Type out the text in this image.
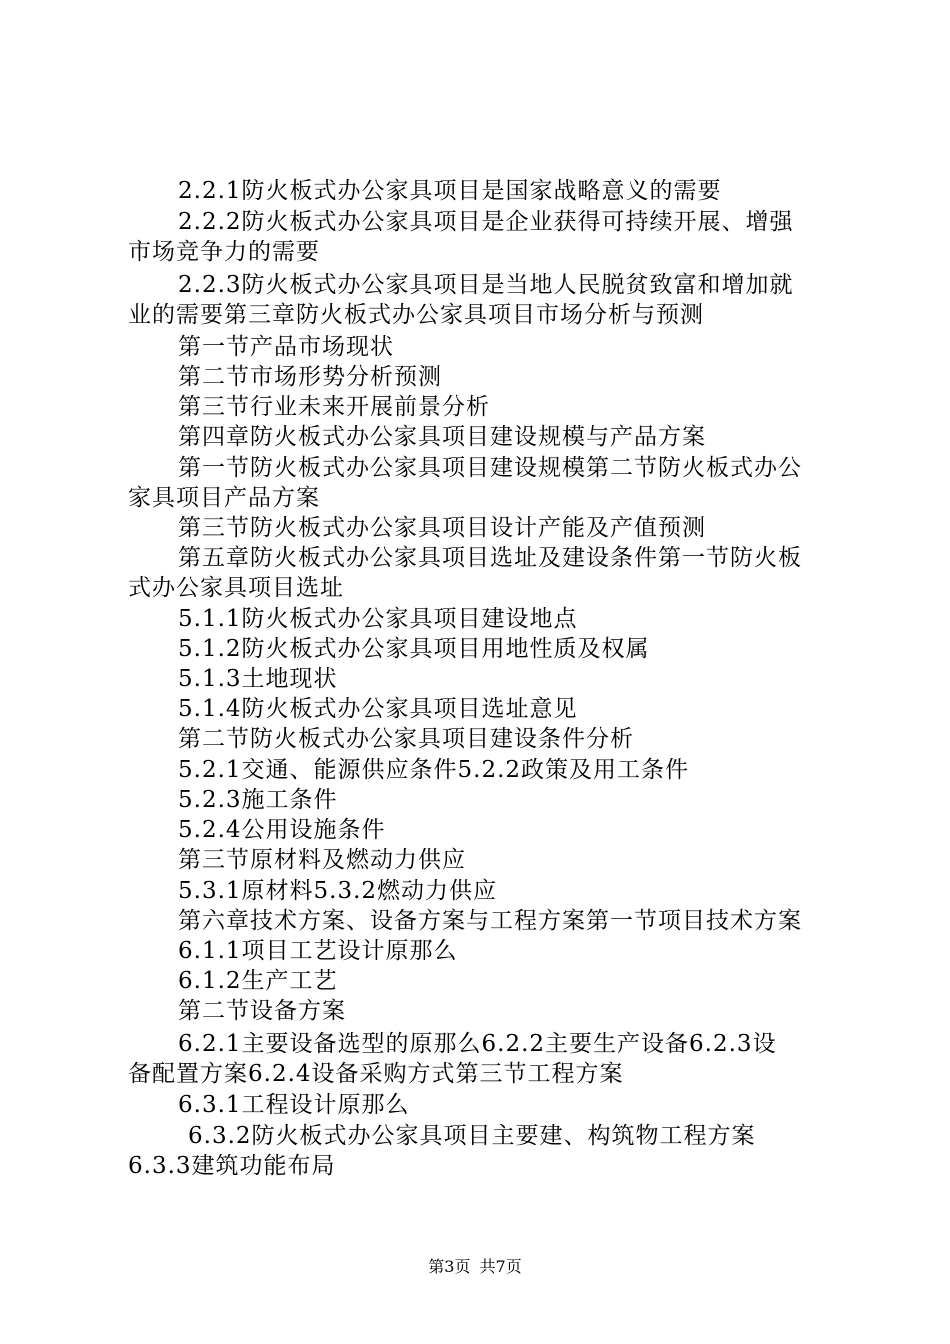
2.2.1防火板式办公家具项目是国家战略意义的需要
2.2.2防火板式办公家具项目是企业获得可持续开展、增强
市场竞争力的需要
2.2.3防火板式办公家具项目是当地人民脱贫致富和增加就
业的需要第三章防火板式办公家具项目市场分析与预测
第一节产品市场现状
第二节市场形势分析预测
第三节行业未来开展前景分析
第四章防火板式办公家具项目建设规模与产品方案
第一节防火板式办公家具项目建设规模第二节防火板式办公
家具项目产品方案
第三节防火板式办公家具项目设计产能及产值预测
第五章防火板式办公家具项目选址及建设条件第一节防火板
式办公家具项目选址
5.1.1防火板式办公家具项目建设地点
5.1.2防火板式办公家具项目用地性质及权属
5.1.3土地现状
5.1.4防火板式办公家具项目选址意见
第二节防火板式办公家具项目建设条件分析
5.2.1交通、能源供应条件5.2.2政策及用工条件
5.2.3施工条件
5.2.4公用设施条件
第三节原材料及燃动力供应
5.3.1原材料5.3.2燃动力供应
第六章技术方案、设备方案与工程方案第一节项目技术方案
6.1.1项目工艺设计原那么
6.1.2生产工艺
第二节设备方案
6.2.1主要设备选型的原那么6.2.2主要生产设备6.2.3设
备配置方案6.2.4设备采购方式第三节工程方案
6.3.1工程设计原那么
6.3.2防火板式办公家具项目主要建、构筑物工程方案
6.3.3建筑功能布局
第3页 共7页
